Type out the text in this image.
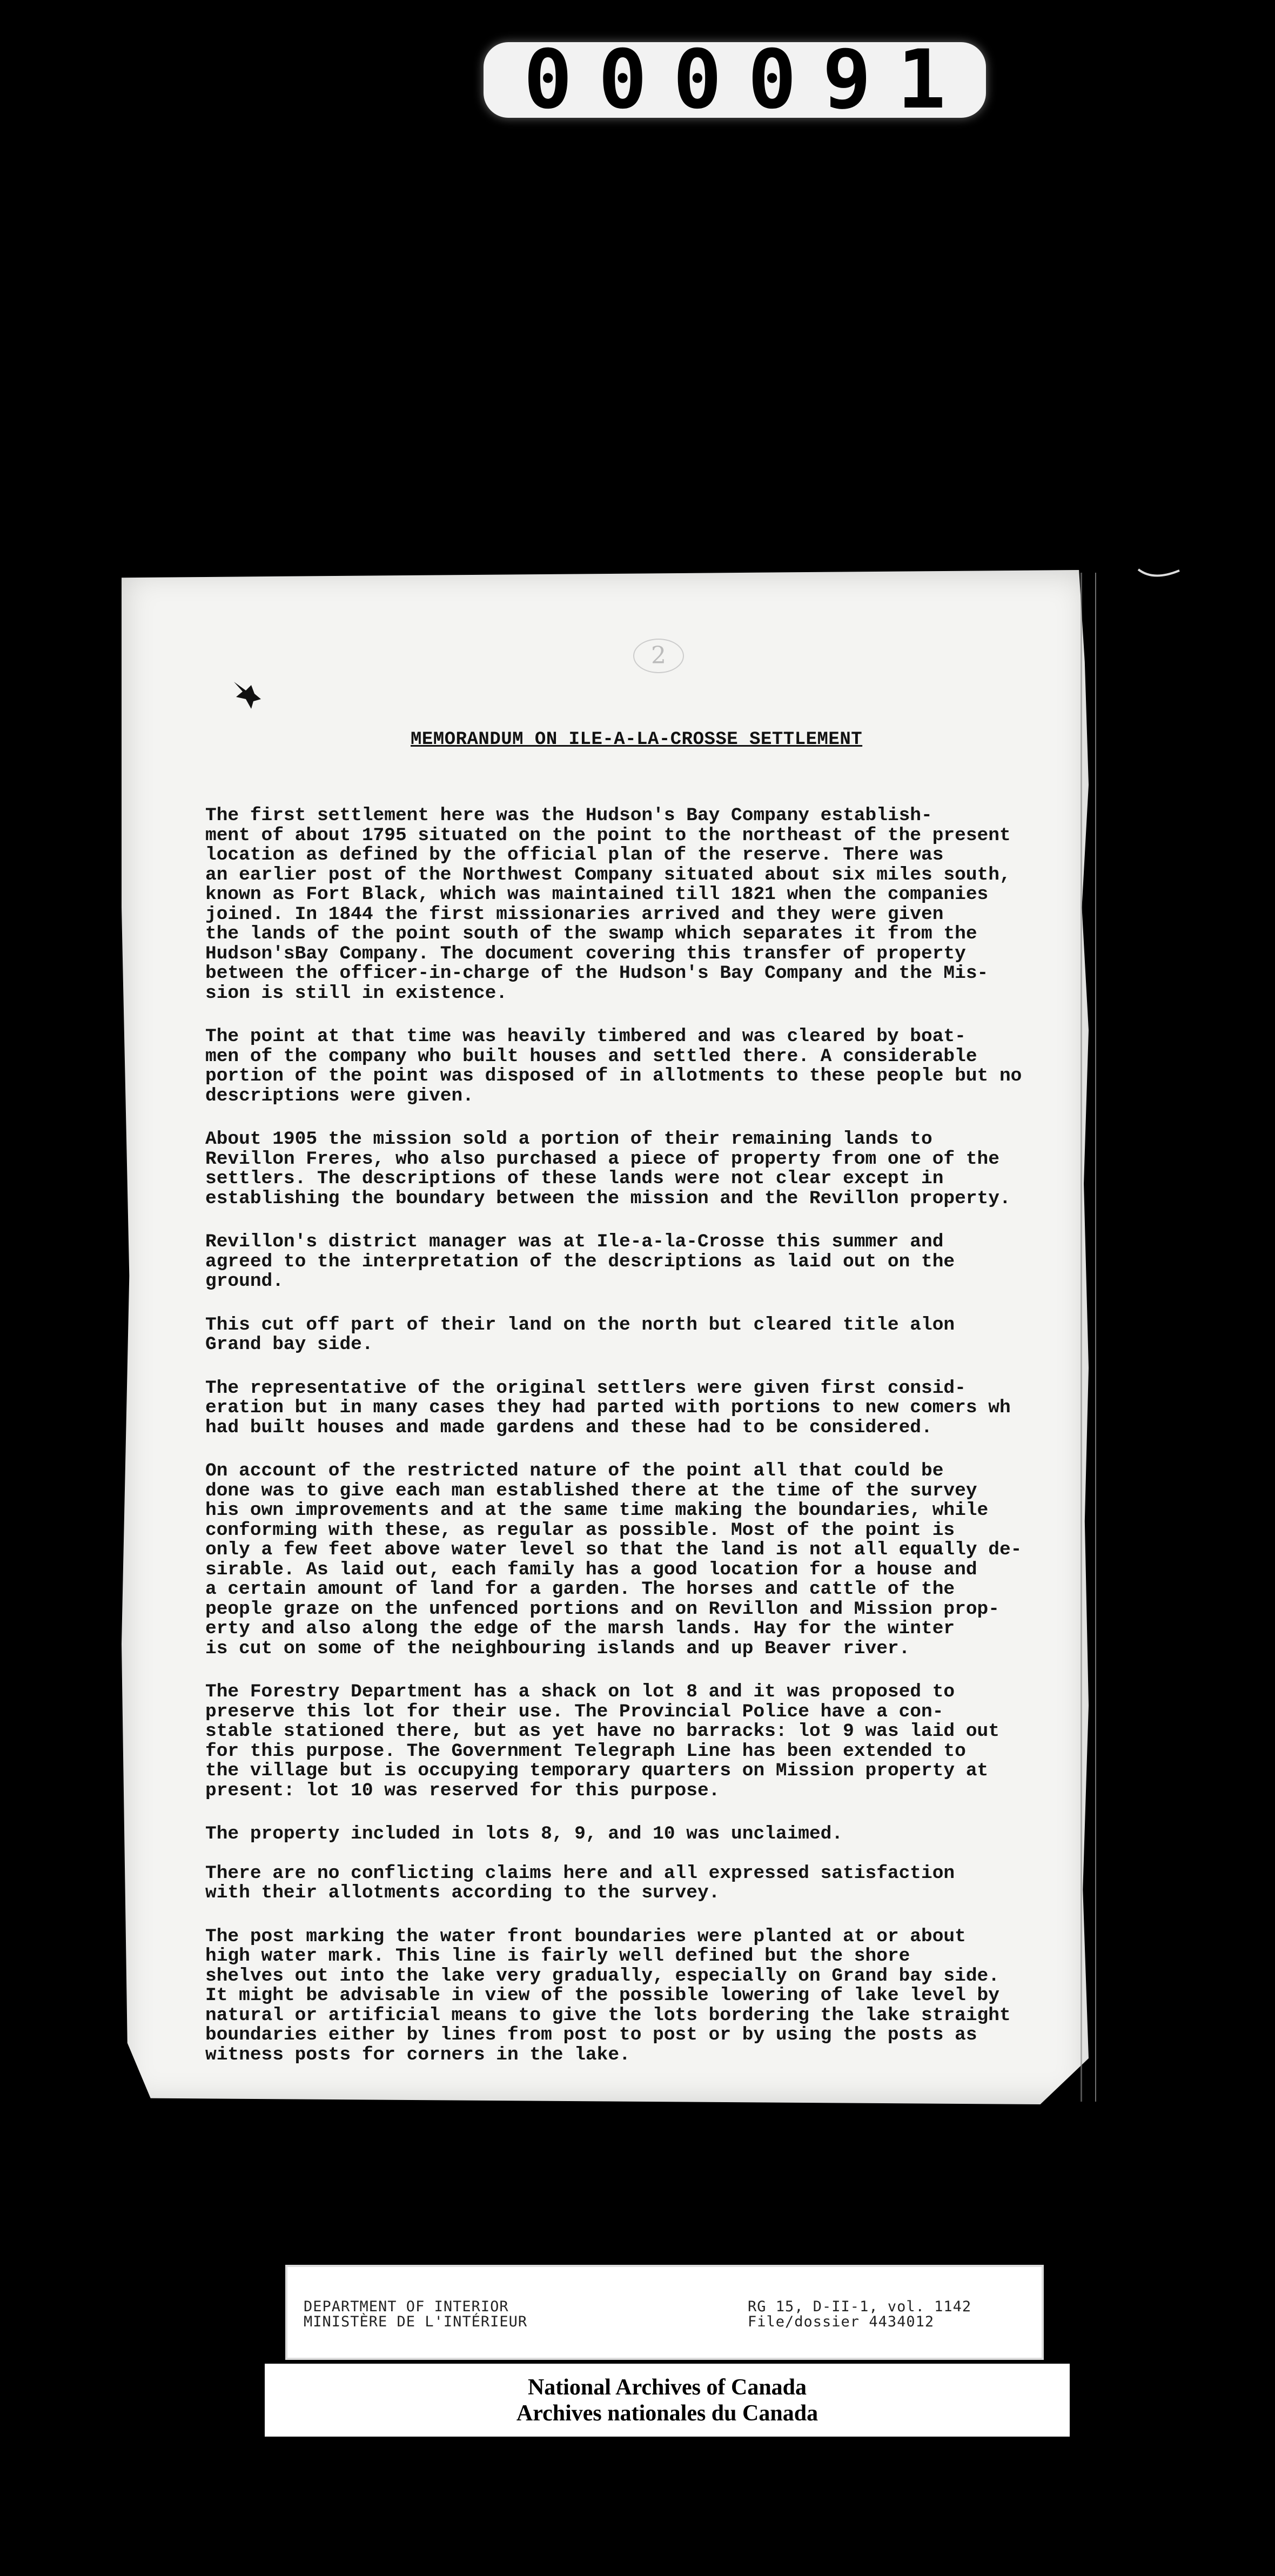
000091
2
MEMORANDUM ON ILE-A-LA-CROSSE SETTLEMENT

The first settlement here was the Hudson's Bay Company establish-
ment of about 1795 situated on the point to the northeast of the present
location as defined by the official plan of the reserve. There was
an earlier post of the Northwest Company situated about six miles south,
known as Fort Black, which was maintained till 1821 when the companies
joined. In 1844 the first missionaries arrived and they were given
the lands of the point south of the swamp which separates it from the
Hudson'sBay Company. The document covering this transfer of property
between the officer-in-charge of the Hudson's Bay Company and the Mis-
sion is still in existence.

The point at that time was heavily timbered and was cleared by boat-
men of the company who built houses and settled there. A considerable
portion of the point was disposed of in allotments to these people but no
descriptions were given.

About 1905 the mission sold a portion of their remaining lands to
Revillon Freres, who also purchased a piece of property from one of the
settlers. The descriptions of these lands were not clear except in
establishing the boundary between the mission and the Revillon property.

Revillon's district manager was at Ile-a-la-Crosse this summer and
agreed to the interpretation of the descriptions as laid out on the
ground.

This cut off part of their land on the north but cleared title alon
Grand bay side.

The representative of the original settlers were given first consid-
eration but in many cases they had parted with portions to new comers wh
had built houses and made gardens and these had to be considered.

On account of the restricted nature of the point all that could be
done was to give each man established there at the time of the survey
his own improvements and at the same time making the boundaries, while
conforming with these, as regular as possible. Most of the point is
only a few feet above water level so that the land is not all equally de-
sirable. As laid out, each family has a good location for a house and
a certain amount of land for a garden. The horses and cattle of the
people graze on the unfenced portions and on Revillon and Mission prop-
erty and also along the edge of the marsh lands. Hay for the winter
is cut on some of the neighbouring islands and up Beaver river.

The Forestry Department has a shack on lot 8 and it was proposed to
preserve this lot for their use. The Provincial Police have a con-
stable stationed there, but as yet have no barracks: lot 9 was laid out
for this purpose. The Government Telegraph Line has been extended to
the village but is occupying temporary quarters on Mission property at
present: lot 10 was reserved for this purpose.

The property included in lots 8, 9, and 10 was unclaimed.

There are no conflicting claims here and all expressed satisfaction
with their allotments according to the survey.

The post marking the water front boundaries were planted at or about
high water mark. This line is fairly well defined but the shore
shelves out into the lake very gradually, especially on Grand bay side.
It might be advisable in view of the possible lowering of lake level by
natural or artificial means to give the lots bordering the lake straight
boundaries either by lines from post to post or by using the posts as
witness posts for corners in the lake.

DEPARTMENT OF INTERIOR
MINISTÈRE DE L'INTÉRIEUR
RG 15, D-II-1, vol. 1142
File/dossier 4434012
National Archives of Canada
Archives nationales du Canada
